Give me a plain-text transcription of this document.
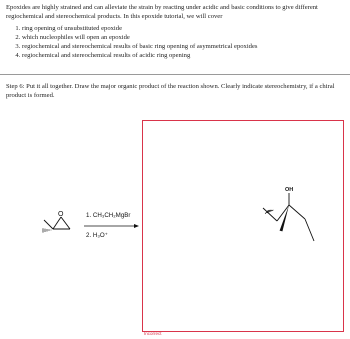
Epoxides are highly strained and can alleviate the strain by reacting under acidic and basic conditions to give different regiochemical and stereochemical products. In this epoxide tutorial, we will cover

1. ring opening of unsubstituted epoxide
2. which nucleophiles will open an epoxide
3. regiochemical and stereochemical results of basic ring opening of asymmetrical epoxides
4. regiochemical and stereochemical results of acidic ring opening
Step 6: Put it all together. Draw the major organic product of the reaction shown. Clearly indicate stereochemistry, if a chiral product is formed.
O	1. CH₃CH₂MgBr
2. H₃O⁺
OH
Incorrect
